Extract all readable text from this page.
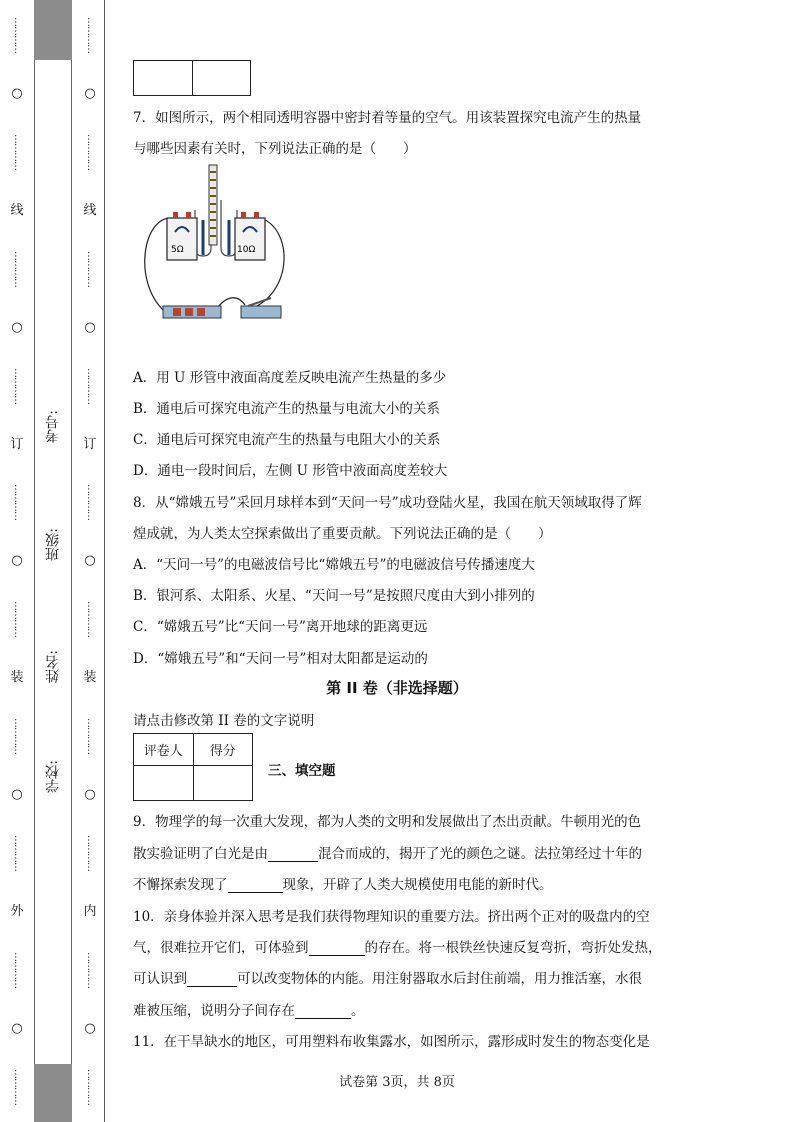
…………
○
…………
线
…………
○
…………
订
…………
○
…………
装
…………
○
…………
外
…………
○
…………
…………
○
…………
线
…………
○
…………
订
…………
○
…………
装
…………
○
…………
内
…………
○
…………
考号:
班级:
姓名:
学校:
7．如图所示，两个相同透明容器中密封着等量的空气。用该装置探究电流产生的热量
与哪些因素有关时，下列说法正确的是（　　）
5Ω	10Ω
A．用 U 形管中液面高度差反映电流产生热量的多少
B．通电后可探究电流产生的热量与电流大小的关系
C．通电后可探究电流产生的热量与电阻大小的关系
D．通电一段时间后，左侧 U 形管中液面高度差较大
8．从“嫦娥五号”采回月球样本到“天问一号”成功登陆火星，我国在航天领域取得了辉
煌成就，为人类太空探索做出了重要贡献。下列说法正确的是（　　）
A．“天问一号”的电磁波信号比“嫦娥五号”的电磁波信号传播速度大
B．银河系、太阳系、火星、“天问一号”是按照尺度由大到小排列的
C．“嫦娥五号”比“天问一号”离开地球的距离更远
D．“嫦娥五号”和“天问一号”相对太阳都是运动的
第 II 卷（非选择题）
请点击修改第 II 卷的文字说明
评卷人	得分

三、填空题
9．物理学的每一次重大发现，都为人类的文明和发展做出了杰出贡献。牛顿用光的色
散实验证明了白光是由	混合而成的，揭开了光的颜色之谜。法拉第经过十年的
不懈探索发现了	现象，开辟了人类大规模使用电能的新时代。
10．亲身体验并深入思考是我们获得物理知识的重要方法。挤出两个正对的吸盘内的空
气，很难拉开它们，可体验到	的存在。将一根铁丝快速反复弯折，弯折处发热，
可认识到	可以改变物体的内能。用注射器取水后封住前端，用力推活塞，水很
难被压缩，说明分子间存在	。
11．在干旱缺水的地区，可用塑料布收集露水，如图所示，露形成时发生的物态变化是
试卷第 3页，共 8页
